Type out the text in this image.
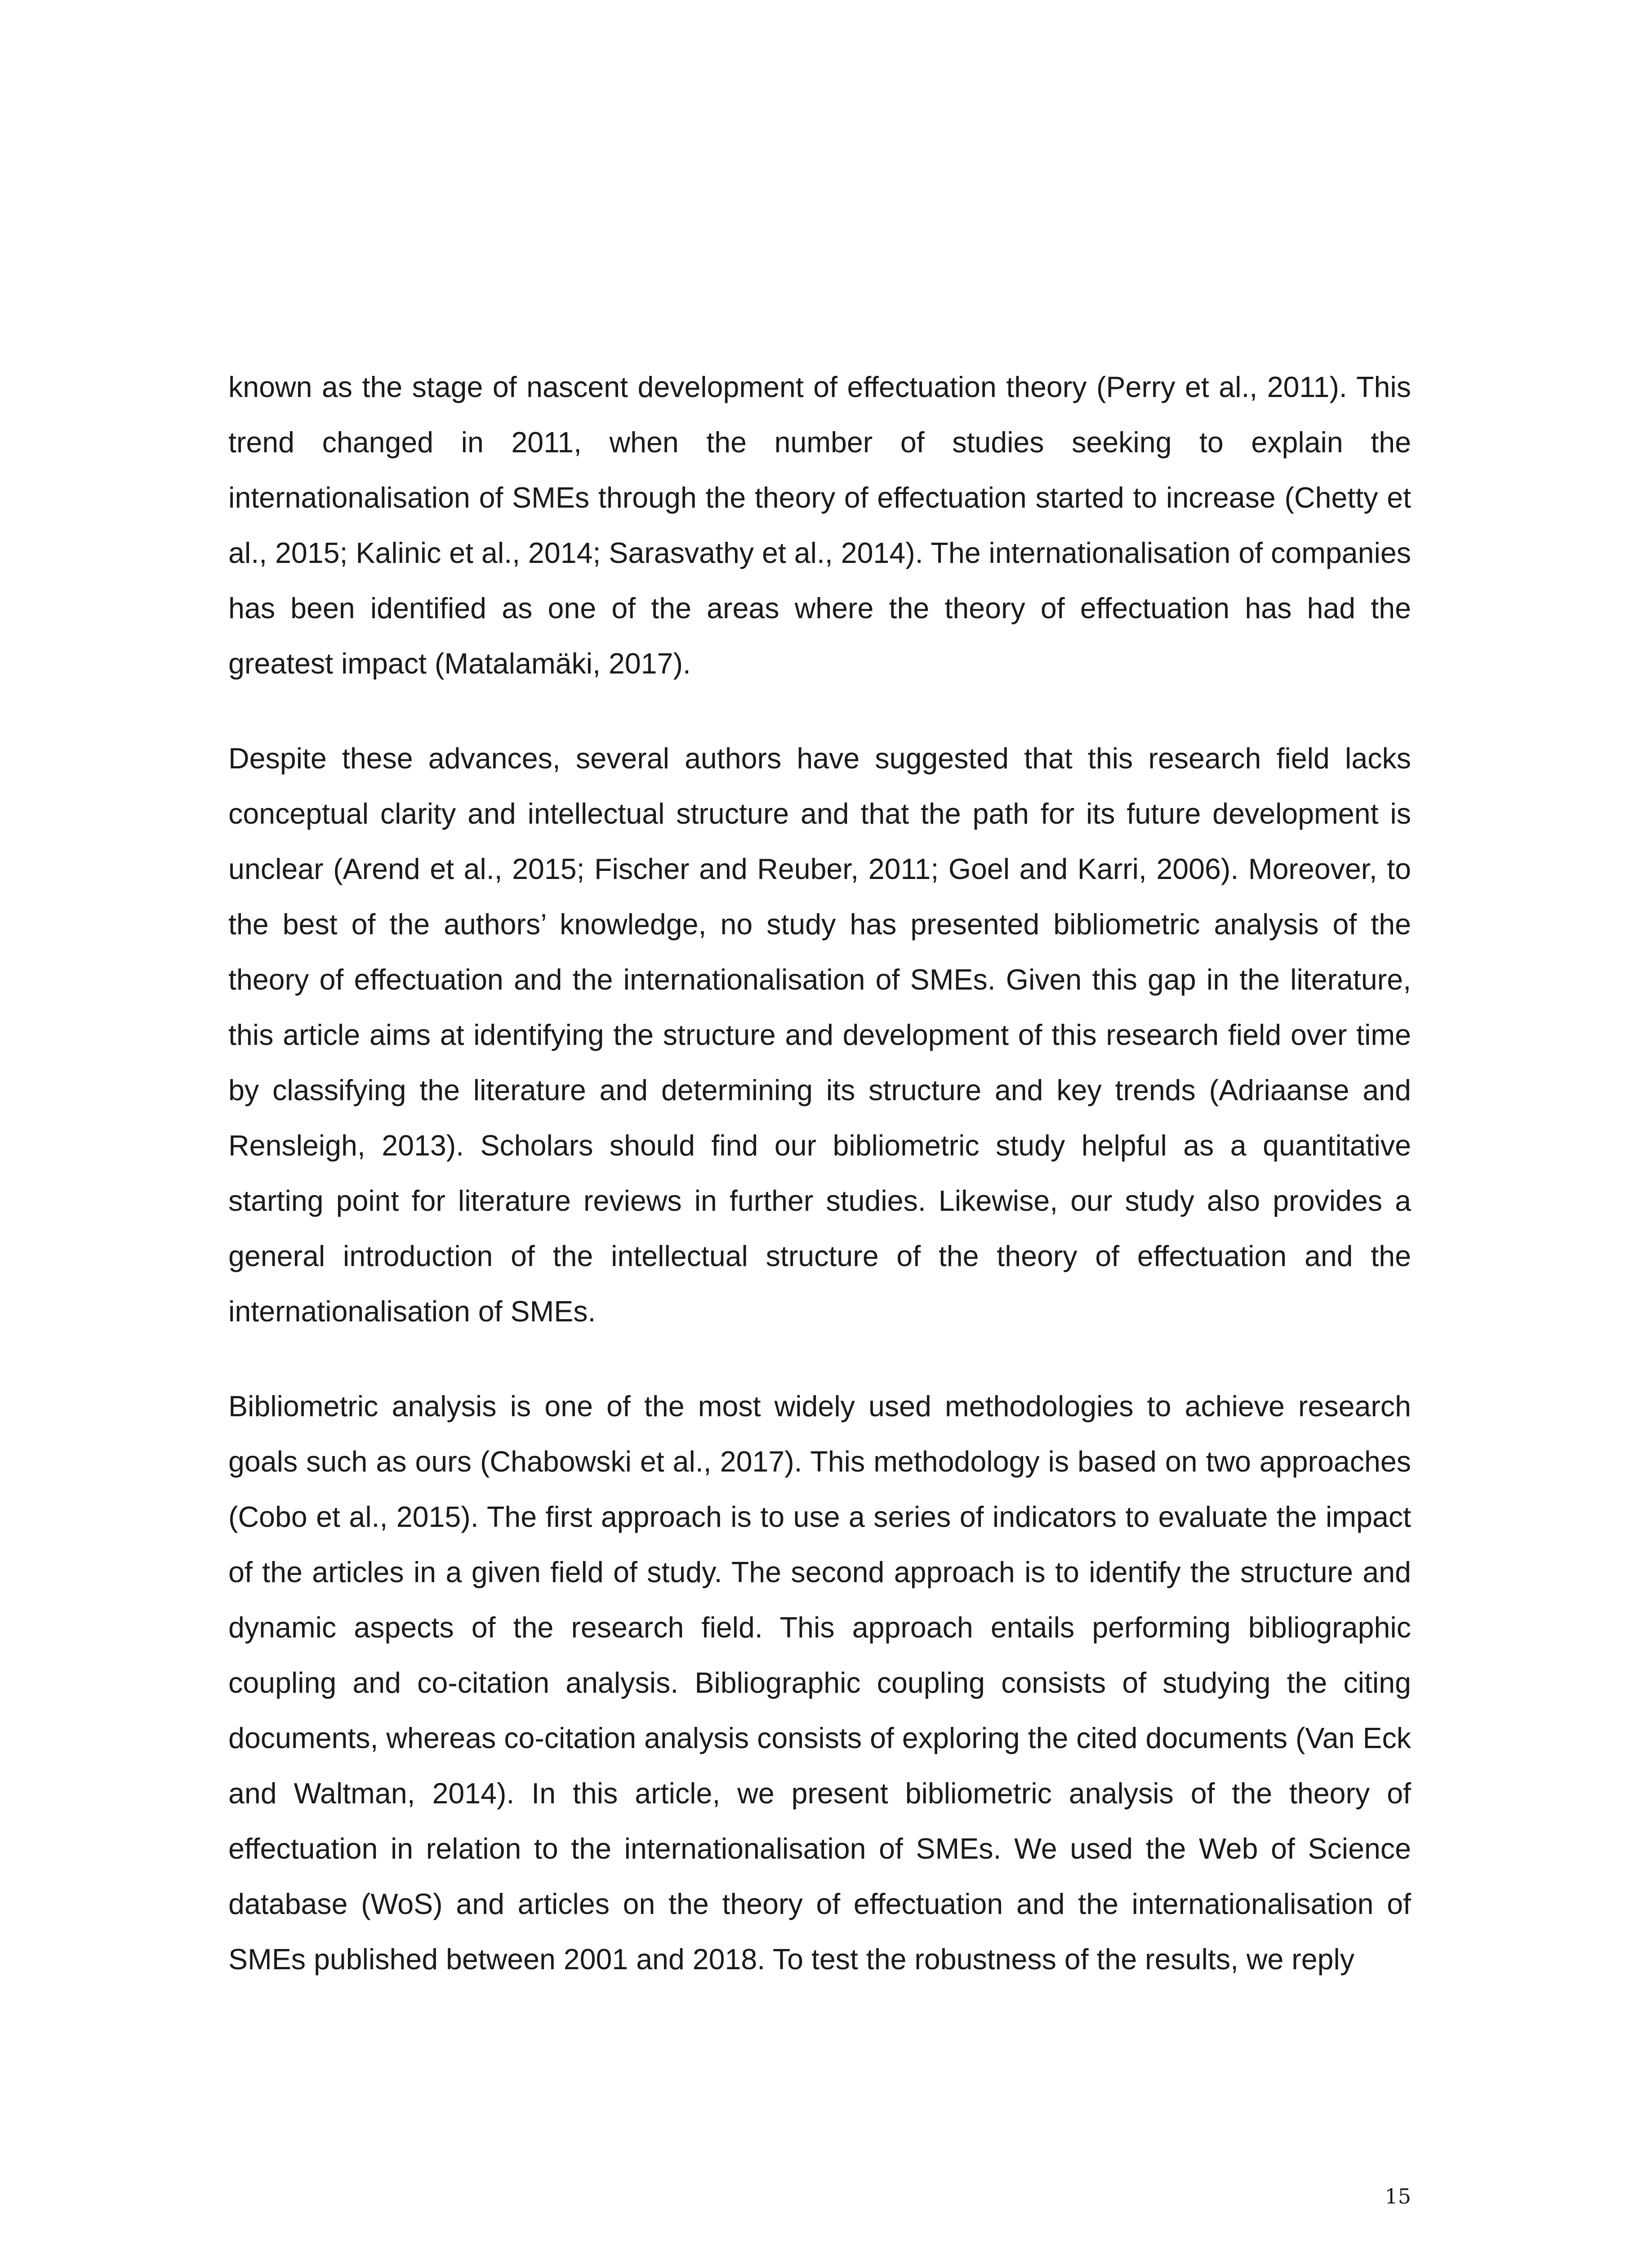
known as the stage of nascent development of effectuation theory (Perry et al., 2011). This trend changed in 2011, when the number of studies seeking to explain the internationalisation of SMEs through the theory of effectuation started to increase (Chetty et al., 2015; Kalinic et al., 2014; Sarasvathy et al., 2014). The internationalisation of companies has been identified as one of the areas where the theory of effectuation has had the greatest impact (Matalamäki, 2017).

Despite these advances, several authors have suggested that this research field lacks conceptual clarity and intellectual structure and that the path for its future development is unclear (Arend et al., 2015; Fischer and Reuber, 2011; Goel and Karri, 2006). Moreover, to the best of the authors’ knowledge, no study has presented bibliometric analysis of the theory of effectuation and the internationalisation of SMEs. Given this gap in the literature, this article aims at identifying the structure and development of this research field over time by classifying the literature and determining its structure and key trends (Adriaanse and Rensleigh, 2013). Scholars should find our bibliometric study helpful as a quantitative starting point for literature reviews in further studies. Likewise, our study also provides a general introduction of the intellectual structure of the theory of effectuation and the internationalisation of SMEs.

Bibliometric analysis is one of the most widely used methodologies to achieve research goals such as ours (Chabowski et al., 2017). This methodology is based on two approaches (Cobo et al., 2015). The first approach is to use a series of indicators to evaluate the impact of the articles in a given field of study. The second approach is to identify the structure and dynamic aspects of the research field. This approach entails performing bibliographic coupling and co-citation analysis. Bibliographic coupling consists of studying the citing documents, whereas co-citation analysis consists of exploring the cited documents (Van Eck and Waltman, 2014). In this article, we present bibliometric analysis of the theory of effectuation in relation to the internationalisation of SMEs. We used the Web of Science database (WoS) and articles on the theory of effectuation and the internationalisation of SMEs published between 2001 and 2018. To test the robustness of the results, we reply

15
